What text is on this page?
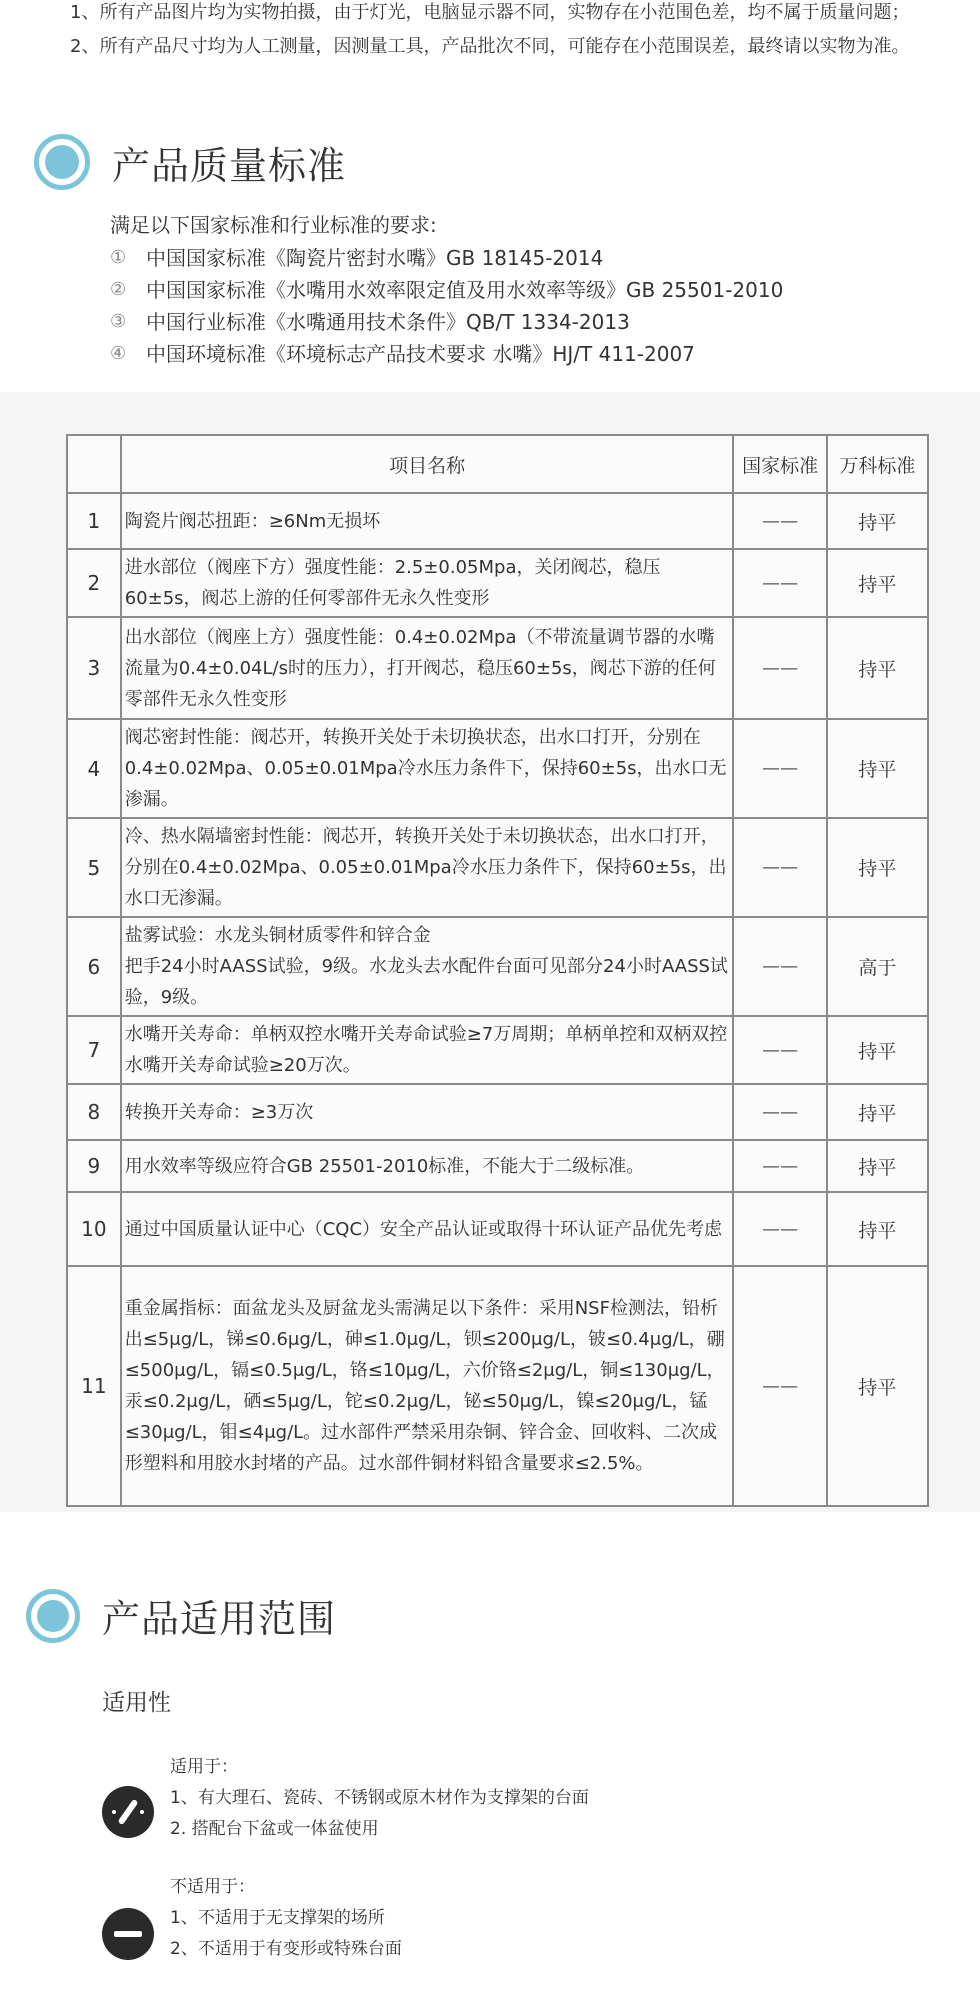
1、所有产品图片均为实物拍摄，由于灯光，电脑显示器不同，实物存在小范围色差，均不属于质量问题；
2、所有产品尺寸均为人工测量，因测量工具，产品批次不同，可能存在小范围误差，最终请以实物为准。
产品质量标准
满足以下国家标准和行业标准的要求:
① 中国国家标准《陶瓷片密封水嘴》GB 18145-2014
② 中国国家标准《水嘴用水效率限定值及用水效率等级》GB 25501-2010
③ 中国行业标准《水嘴通用技术条件》QB/T 1334-2013
④ 中国环境标准《环境标志产品技术要求 水嘴》HJ/T 411-2007
	项目名称	国家标准	万科标准
1	陶瓷片阀芯扭距：≥6Nm无损坏	——	持平
2	进水部位（阀座下方）强度性能：2.5±0.05Mpa，关闭阀芯，稳压60±5s，阀芯上游的任何零部件无永久性变形	——	持平
3	出水部位（阀座上方）强度性能：0.4±0.02Mpa（不带流量调节器的水嘴流量为0.4±0.04L/s时的压力），打开阀芯，稳压60±5s，阀芯下游的任何零部件无永久性变形	——	持平
4	阀芯密封性能：阀芯开，转换开关处于未切换状态，出水口打开，分别在0.4±0.02Mpa、0.05±0.01Mpa冷水压力条件下，保持60±5s，出水口无渗漏。	——	持平
5	冷、热水隔墙密封性能：阀芯开，转换开关处于未切换状态，出水口打开，分别在0.4±0.02Mpa、0.05±0.01Mpa冷水压力条件下，保持60±5s，出水口无渗漏。	——	持平
6	盐雾试验：水龙头铜材质零件和锌合金
把手24小时AASS试验，9级。水龙头去水配件台面可见部分24小时AASS试验，9级。	——	高于
7	水嘴开关寿命：单柄双控水嘴开关寿命试验≥7万周期；单柄单控和双柄双控水嘴开关寿命试验≥20万次。	——	持平
8	转换开关寿命：≥3万次	——	持平
9	用水效率等级应符合GB 25501-2010标准，不能大于二级标准。	——	持平
10	通过中国质量认证中心（CQC）安全产品认证或取得十环认证产品优先考虑	——	持平
11	重金属指标：面盆龙头及厨盆龙头需满足以下条件：采用NSF检测法，铅析出≤5μg/L，锑≤0.6μg/L，砷≤1.0μg/L，钡≤200μg/L，铍≤0.4μg/L，硼≤500μg/L，镉≤0.5μg/L，铬≤10μg/L，六价铬≤2μg/L，铜≤130μg/L，汞≤0.2μg/L，硒≤5μg/L，铊≤0.2μg/L，铋≤50μg/L，镍≤20μg/L，锰≤30μg/L，钼≤4μg/L。过水部件严禁采用杂铜、锌合金、回收料、二次成形塑料和用胶水封堵的产品。过水部件铜材料铅含量要求≤2.5%。	——	持平
产品适用范围
适用性
适用于：
1、有大理石、瓷砖、不锈钢或原木材作为支撑架的台面
2. 搭配台下盆或一体盆使用
不适用于：
1、不适用于无支撑架的场所
2、不适用于有变形或特殊台面
